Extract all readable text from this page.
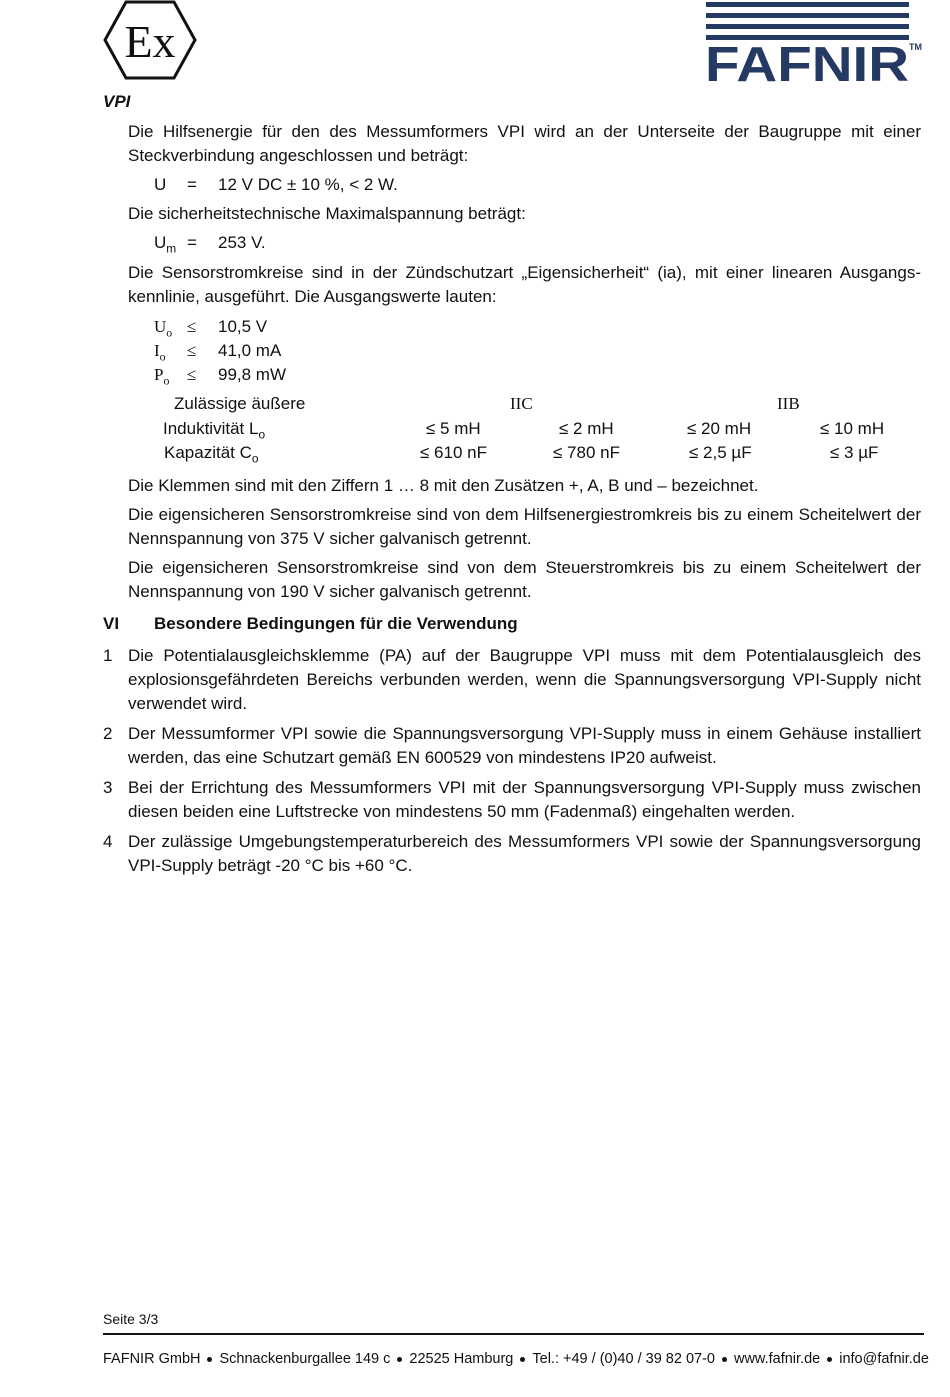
Ex	FAFNIR TM
VPI

Die Hilfsenergie für den des Messumformers VPI wird an der Unterseite der Baugruppe mit einer Steckverbindung angeschlossen und beträgt:

U = 12 V DC ± 10 %, < 2 W.

Die sicherheitstechnische Maximalspannung beträgt:

$U_m = 253$ V.

Die Sensorstromkreise sind in der Zündschutzart „Eigensicherheit“ (ia), mit einer linearen Ausgangskennlinie, ausgeführt. Die Ausgangswerte lauten:

$U_o \le 10,5$ V
$I_o \le 41,0$ mA
$P_o \le 99,8$ mW
Zulässige äußere	IIC	IIB
Induktivität $L_o$	≤ 5 mH	≤ 2 mH	≤ 20 mH	≤ 10 mH
Kapazität $C_o$	≤ 610 nF	≤ 780 nF	≤ 2,5 µF	≤ 3 µF

Die Klemmen sind mit den Ziffern 1 … 8 mit den Zusätzen +, A, B und – bezeichnet.

Die eigensicheren Sensorstromkreise sind von dem Hilfsenergiestromkreis bis zu einem Scheitelwert der Nennspannung von 375 V sicher galvanisch getrennt.

Die eigensicheren Sensorstromkreise sind von dem Steuerstromkreis bis zu einem Scheitelwert der Nennspannung von 190 V sicher galvanisch getrennt.

VI Besondere Bedingungen für die Verwendung
1 Die Potentialausgleichsklemme (PA) auf der Baugruppe VPI muss mit dem Potentialausgleich des explosionsgefährdeten Bereichs verbunden werden, wenn die Spannungsversorgung VPI-Supply nicht verwendet wird.
2 Der Messumformer VPI sowie die Spannungsversorgung VPI-Supply muss in einem Gehäuse installiert werden, das eine Schutzart gemäß EN 600529 von mindestens IP20 aufweist.
3 Bei der Errichtung des Messumformers VPI mit der Spannungsversorgung VPI-Supply muss zwischen diesen beiden eine Luftstrecke von mindestens 50 mm (Fadenmaß) eingehalten werden.
4 Der zulässige Umgebungstemperaturbereich des Messumformers VPI sowie der Spannungsversorgung VPI-Supply beträgt -20 °C bis +60 °C.
Seite 3/3
FAFNIR GmbH Schnackenburgallee 149 c 22525 Hamburg Tel.: +49 / (0)40 / 39 82 07-0 www.fafnir.de info@fafnir.de
